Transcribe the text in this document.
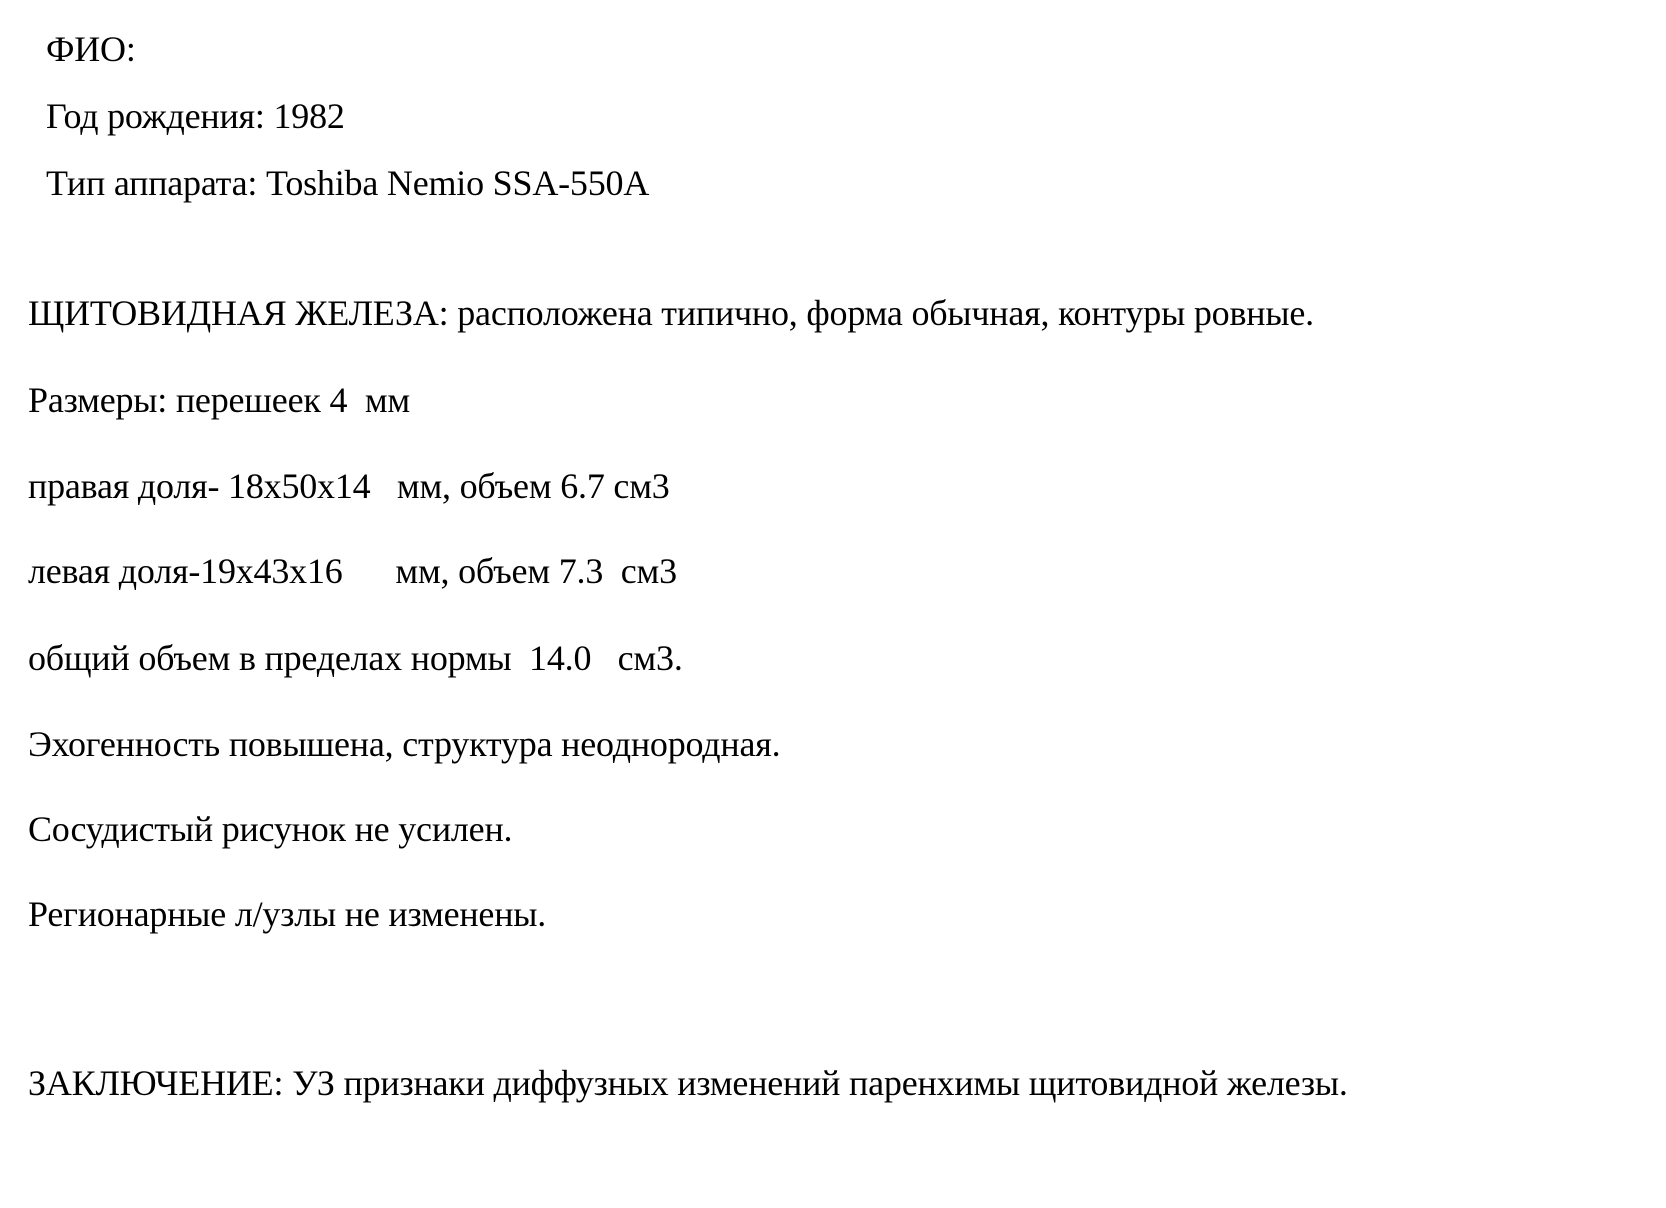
ФИО:
Год рождения: 1982
Тип аппарата: Toshiba Nemio SSA-550A
ЩИТОВИДНАЯ ЖЕЛЕЗА: расположена типично, форма обычная, контуры ровные.
Размеры: перешеек 4  мм
правая доля- 18х50х14   мм, объем 6.7 см3
левая доля-19х43х16      мм, объем 7.3  см3
общий объем в пределах нормы  14.0   см3.
Эхогенность повышена, структура неоднородная.
Сосудистый рисунок не усилен.
Регионарные л/узлы не изменены.
ЗАКЛЮЧЕНИЕ: УЗ признаки диффузных изменений паренхимы щитовидной железы.
